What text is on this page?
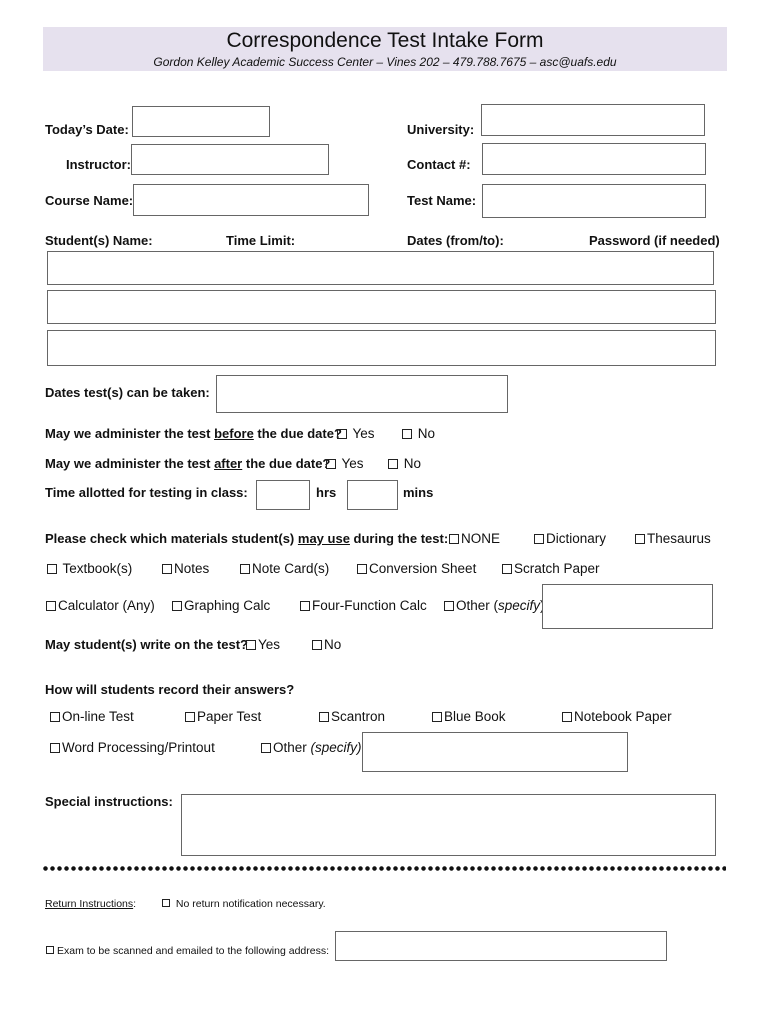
Correspondence Test Intake Form
Gordon Kelley Academic Success Center – Vines 202 – 479.788.7675 – asc@uafs.edu
Today’s Date:	University:
Instructor:	Contact #:
Course Name:	Test Name:
Student(s) Name:	Time Limit:	Dates (from/to):	Password (if needed)
Dates test(s) can be taken:
May we administer the test before the due date? Yes	No
May we administer the test after the due date? Yes	No
Time allotted for testing in class:	hrs	mins
Please check which materials student(s) may use during the test: NONE	Dictionary	Thesaurus
Textbook(s)	Notes	Note Card(s)	Conversion Sheet	Scratch Paper
Calculator (Any)	Graphing Calc	Four-Function Calc	Other (specify
May student(s) write on the test? Yes	No
How will students record their answers?
On-line Test	Paper Test	Scantron	Blue Book	Notebook Paper
Word Processing/Printout	Other (specify)
Special instructions:
Return Instructions:	No return notification necessary.
Exam to be scanned and emailed to the following address:
